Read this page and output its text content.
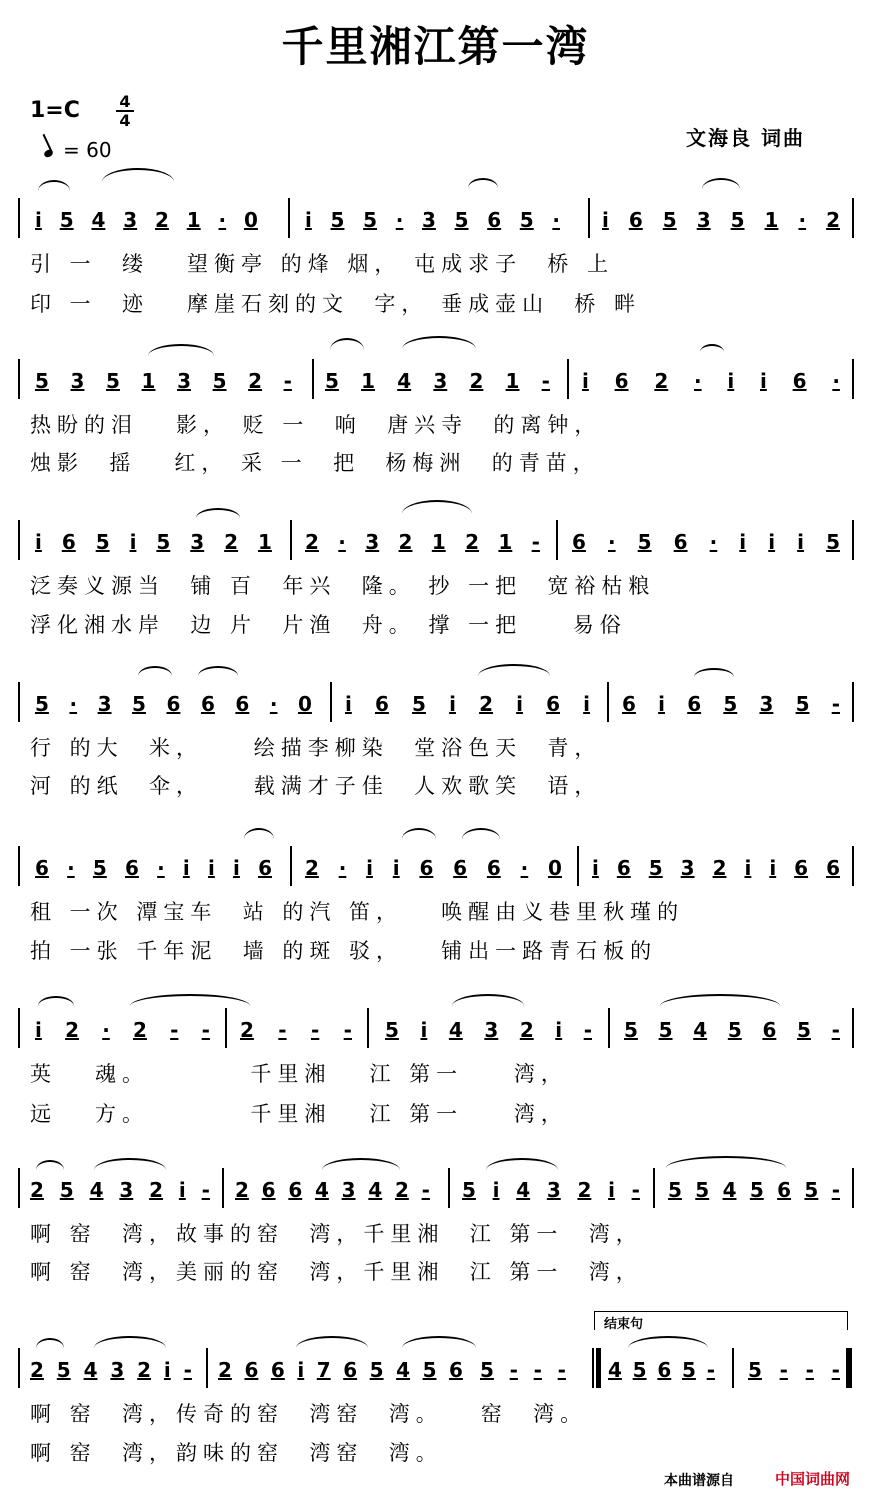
千里湘江第一湾
1=C	4
4
= 60	文海良 词曲
i 5 4 3 2 1 · 0 i 5 5 · 3 5 6 5 · i 6 5 3 5 1 · 2
引 一  缕   望衡亭 的烽 烟， 屯成求子  桥 上
印 一  迹   摩崖石刻的文  字， 垂成壶山  桥 畔
5 3 5 1 3 5 2 - 5 1 4 3 2 1 - i 6 2 · i i 6 ·
热盼的泪   影， 贬 一  响  唐兴寺  的离钟，
烛影  摇   红， 采 一  把  杨梅洲  的青苗，
i 6 5 i 5 3 2 1 2 · 3 2 1 2 1 - 6 · 5 6 · i i i 5
泛奏义源当  铺 百  年兴  隆。 抄 一把  宽裕枯粮
浮化湘水岸  边 片  片渔  舟。 撑 一把    易俗
5 · 3 5 6 6 6 · 0 i 6 5 i 2 i 6 i 6 i 6 5 3 5 -
行 的大  米，    绘描李柳染  堂浴色天  青，
河 的纸  伞，    载满才子佳  人欢歌笑  语，
6 · 5 6 · i i i 6 2 · i i 6 6 6 · 0 i 6 5 3 2 i i 6 6
租 一次 潭宝车  站 的汽 笛，   唤醒由义巷里秋瑾的
拍 一张 千年泥  墙 的斑 驳，   铺出一路青石板的
i 2 · 2 - - 2 - - - 5 i 4 3 2 i - 5 5 4 5 6 5 -
英   魂。        千里湘   江 第一    湾，
远   方。        千里湘   江 第一    湾，
2 5 4 3 2 i - 2 6 6 4 3 4 2 - 5 i 4 3 2 i - 5 5 4 5 6 5 -
啊 窑  湾，故事的窑  湾，千里湘  江 第一  湾，
啊 窑  湾，美丽的窑  湾，千里湘  江 第一  湾，
2 5 4 3 2 i - 2 6 6 i 7 6 5 4 5 6 5 - - - 4 5 6 5 - 5 - - -
啊 窑  湾，传奇的窑  湾窑  湾。   窑  湾。
啊 窑  湾，韵味的窑  湾窑  湾。
结束句
本曲谱源自	中国词曲网
